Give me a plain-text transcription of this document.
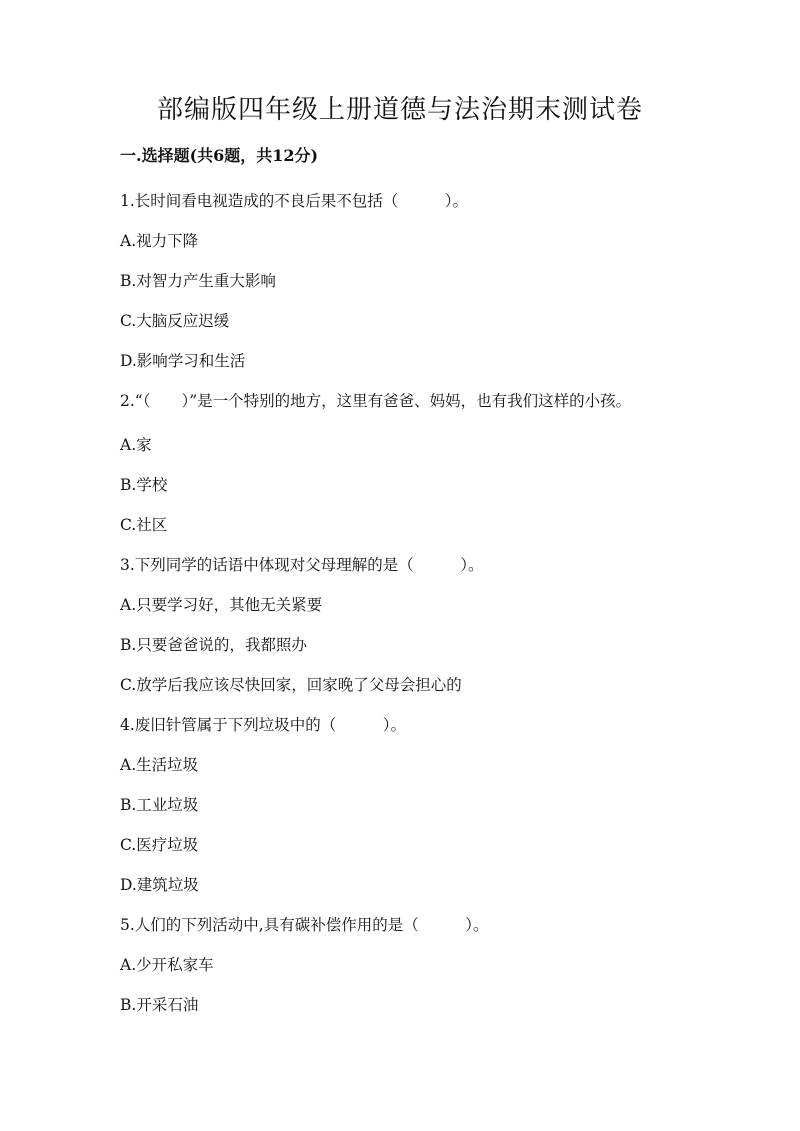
部编版四年级上册道德与法治期末测试卷
一.选择题(共6题，共12分)
1.长时间看电视造成的不良后果不包括（　　　）。
A.视力下降
B.对智力产生重大影响
C.大脑反应迟缓
D.影响学习和生活
2.“（　　）”是一个特别的地方，这里有爸爸、妈妈，也有我们这样的小孩。
A.家
B.学校
C.社区
3.下列同学的话语中体现对父母理解的是（　　　）。
A.只要学习好，其他无关紧要
B.只要爸爸说的，我都照办
C.放学后我应该尽快回家，回家晚了父母会担心的
4.废旧针管属于下列垃圾中的（　　　）。
A.生活垃圾
B.工业垃圾
C.医疗垃圾
D.建筑垃圾
5.人们的下列活动中,具有碳补偿作用的是（　　　）。
A.少开私家车
B.开采石油
